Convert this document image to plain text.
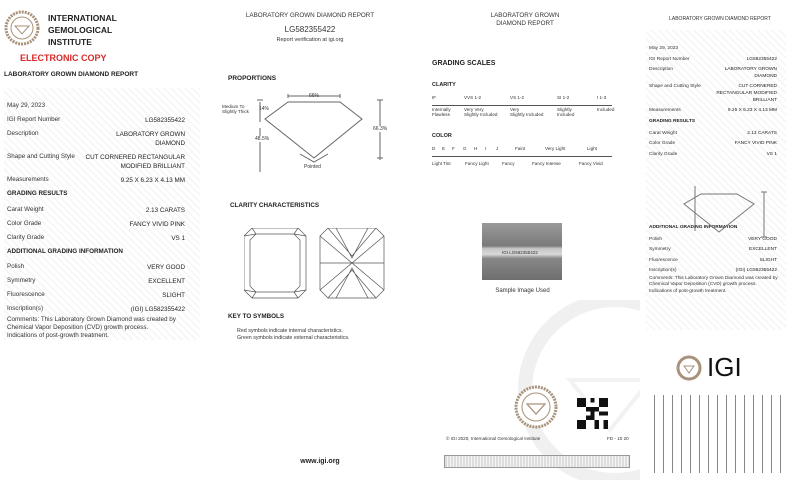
INTERNATIONAL
GEMOLOGICAL
INSTITUTE
ELECTRONIC COPY
LABORATORY GROWN DIAMOND REPORT
May 29, 2023
IGI Report Number	LG582355422
Description	LABORATORY GROWN
DIAMOND
Shape and Cutting Style	CUT CORNERED RECTANGULAR
MODIFIED BRILLIANT
Measurements	9.25 X 6.23 X 4.13 MM
GRADING RESULTS
Carat Weight	2.13 CARATS
Color Grade	FANCY VIVID PINK
Clarity Grade	VS 1
ADDITIONAL GRADING INFORMATION
Polish	VERY GOOD
Symmetry	EXCELLENT
Fluorescence	SLIGHT
Inscription(s)	(IGI) LG582355422
Comments: This Laboratory Grown Diamond was created by Chemical Vapor Deposition (CVD) growth process.
Indications of post-growth treatment.
LABORATORY GROWN DIAMOND REPORT
LG582355422
Report verification at igi.org
PROPORTIONS
66%
14%
Medium To Slightly Thick
48.5%
66.3%
Pointed
CLARITY CHARACTERISTICS
KEY TO SYMBOLS
Red symbols indicate internal characteristics.
Green symbols indicate external characteristics.
www.igi.org
LABORATORY GROWN
DIAMOND REPORT
GRADING SCALES
CLARITY
IF
Internally
Flawless
VVS 1-2
Very Very
Slightly Included
VS 1-2
Very
Slightly Included
SI 1-2
Slightly
Included
I 1-3
Included
COLOR
D E F G H I J	Faint	Very Light	Light
Light Tint	Fancy Light	Fancy	Fancy Intense	Fancy Vivid
IGI LG582355422
Sample Image Used
© IGI 2020, International Gemological Institute	FD - 10 20
LABORATORY GROWN DIAMOND REPORT
May 29, 2023
IGI Report Number	LG582355422
Description	LABORATORY GROWN
DIAMOND
Shape and Cutting Style	CUT CORNERED
RECTANGULAR MODIFIED
BRILLIANT
Measurements	9.25 X 6.23 X 4.13 MM
GRADING RESULTS
Carat Weight	2.13 CARATS
Color Grade	FANCY VIVID PINK
Clarity Grade	VS 1
ADDITIONAL GRADING INFORMATION
Polish	VERY GOOD
Symmetry	EXCELLENT
Fluorescence	SLIGHT
Inscription(s)	(IGI) LG582355422
Comments: This Laboratory Grown Diamond was created by Chemical Vapor Deposition (CVD) growth process.
Indications of post-growth treatment.
IGI
